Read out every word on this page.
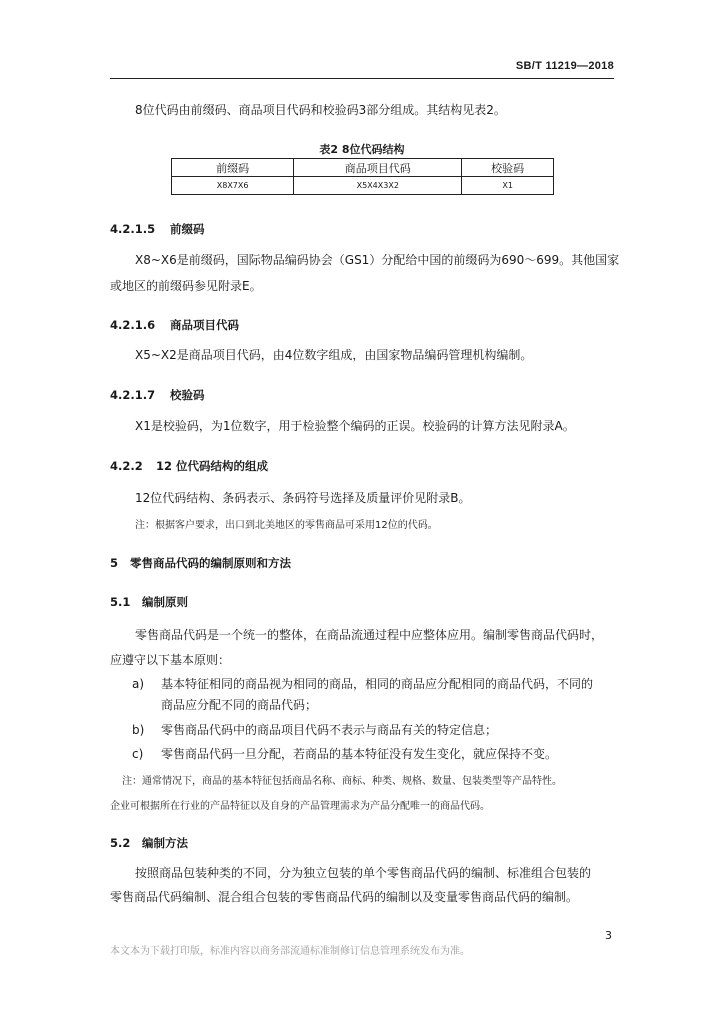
SB/T 11219—2018
8位代码由前缀码、商品项目代码和校验码3部分组成。其结构见表2。
表2 8位代码结构
前缀码	商品项目代码	校验码
X8X7X6	X5X4X3X2	X1
4.2.1.5 前缀码
X8~X6是前缀码，国际物品编码协会（GS1）分配给中国的前缀码为690～699。其他国家
或地区的前缀码参见附录E。
4.2.1.6 商品项目代码
X5~X2是商品项目代码，由4位数字组成，由国家物品编码管理机构编制。
4.2.1.7 校验码
X1是校验码，为1位数字，用于检验整个编码的正误。校验码的计算方法见附录A。
4.2.2 12 位代码结构的组成
12位代码结构、条码表示、条码符号选择及质量评价见附录B。
注：根据客户要求，出口到北美地区的零售商品可采用12位的代码。
5 零售商品代码的编制原则和方法
5.1 编制原则
零售商品代码是一个统一的整体，在商品流通过程中应整体应用。编制零售商品代码时，
应遵守以下基本原则：
a) 基本特征相同的商品视为相同的商品，相同的商品应分配相同的商品代码，不同的
商品应分配不同的商品代码；
b) 零售商品代码中的商品项目代码不表示与商品有关的特定信息；
c) 零售商品代码一旦分配，若商品的基本特征没有发生变化，就应保持不变。
注：通常情况下，商品的基本特征包括商品名称、商标、种类、规格、数量、包装类型等产品特性。
企业可根据所在行业的产品特征以及自身的产品管理需求为产品分配唯一的商品代码。
5.2 编制方法
按照商品包装种类的不同，分为独立包装的单个零售商品代码的编制、标准组合包装的
零售商品代码编制、混合组合包装的零售商品代码的编制以及变量零售商品代码的编制。
3
本文本为下载打印版，标准内容以商务部流通标准制修订信息管理系统发布为准。
